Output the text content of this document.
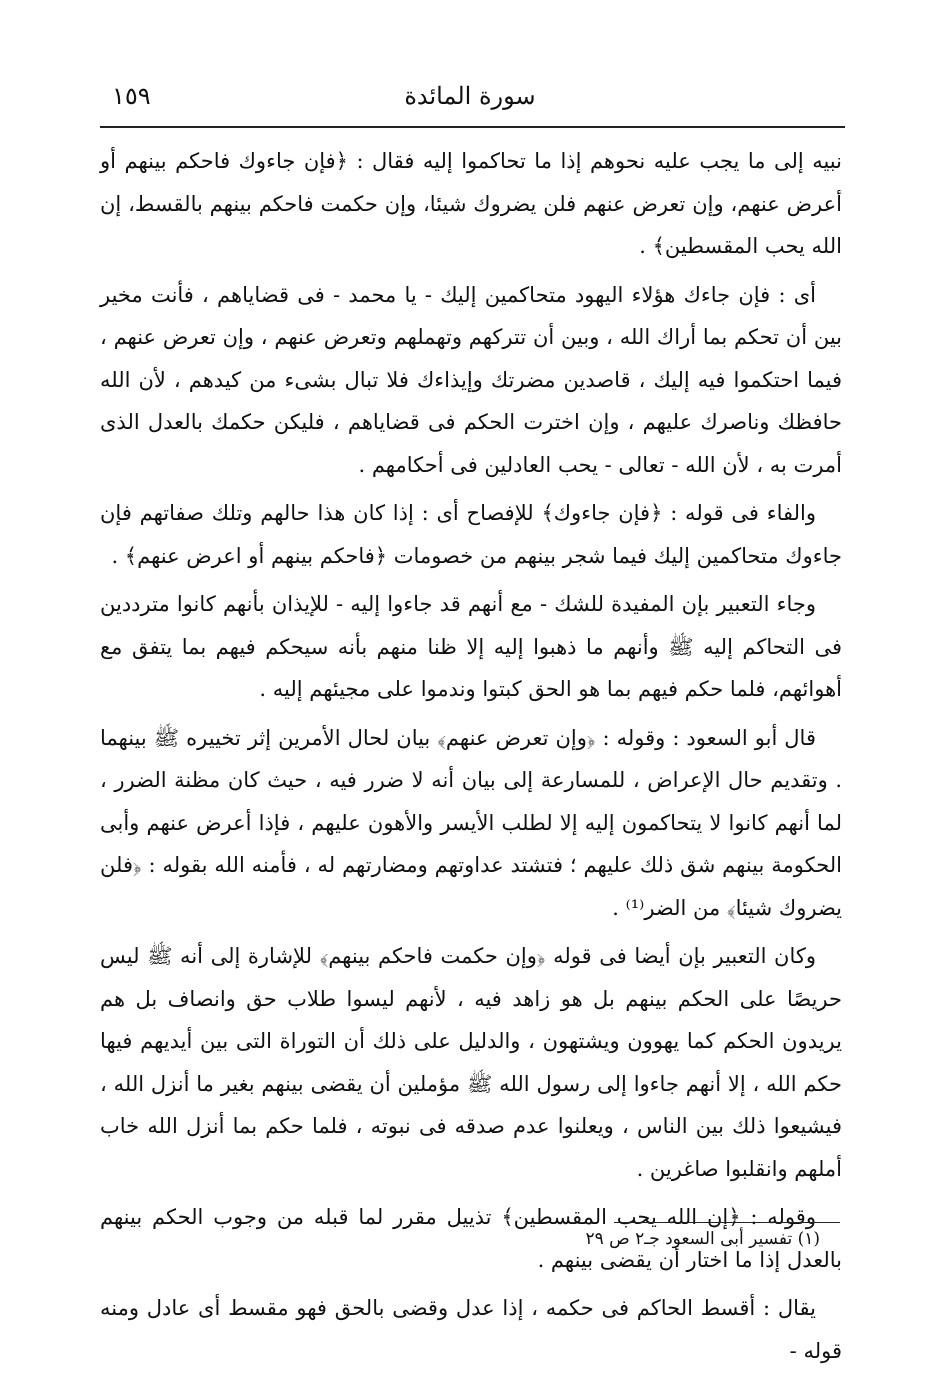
١٥٩	سورة المائدة

نبيه إلى ما يجب عليه نحوهم إذا ما تحاكموا إليه فقال : ﴿فإن جاءوك فاحكم بينهم أو أعرض عنهم، وإن تعرض عنهم فلن يضروك شيئا، وإن حكمت فاحكم بينهم بالقسط، إن الله يحب المقسطين﴾ .

أى : فإن جاءك هؤلاء اليهود متحاكمين إليك - يا محمد - فى قضاياهم ، فأنت مخير بين أن تحكم بما أراك الله ، وبين أن تتركهم وتهملهم وتعرض عنهم ، وإن تعرض عنهم ، فيما احتكموا فيه إليك ، قاصدين مضرتك وإيذاءك فلا تبال بشىء من كيدهم ، لأن الله حافظك وناصرك عليهم ، وإن اخترت الحكم فى قضاياهم ، فليكن حكمك بالعدل الذى أمرت به ، لأن الله - تعالى - يحب العادلين فى أحكامهم .

والفاء فى قوله : ﴿فإن جاءوك﴾ للإفصاح أى : إذا كان هذا حالهم وتلك صفاتهم فإن جاءوك متحاكمين إليك فيما شجر بينهم من خصومات ﴿فاحكم بينهم أو اعرض عنهم﴾ .

وجاء التعبير بإن المفيدة للشك - مع أنهم قد جاءوا إليه - للإيذان بأنهم كانوا مترددين فى التحاكم إليه ﷺ وأنهم ما ذهبوا إليه إلا ظنا منهم بأنه سيحكم فيهم بما يتفق مع أهوائهم، فلما حكم فيهم بما هو الحق كبتوا وندموا على مجيئهم إليه .

قال أبو السعود : وقوله : ﴿وإن تعرض عنهم﴾ بيان لحال الأمرين إثر تخييره ﷺ بينهما . وتقديم حال الإعراض ، للمسارعة إلى بيان أنه لا ضرر فيه ، حيث كان مظنة الضرر ، لما أنهم كانوا لا يتحاكمون إليه إلا لطلب الأيسر والأهون عليهم ، فإذا أعرض عنهم وأبى الحكومة بينهم شق ذلك عليهم ؛ فتشتد عداوتهم ومضارتهم له ، فأمنه الله بقوله : ﴿فلن يضروك شيئا﴾ من الضر⁽¹⁾ .

وكان التعبير بإن أيضا فى قوله ﴿وإن حكمت فاحكم بينهم﴾ للإشارة إلى أنه ﷺ ليس حريصًا على الحكم بينهم بل هو زاهد فيه ، لأنهم ليسوا طلاب حق وانصاف بل هم يريدون الحكم كما يهوون ويشتهون ، والدليل على ذلك أن التوراة التى بين أيديهم فيها حكم الله ، إلا أنهم جاءوا إلى رسول الله ﷺ مؤملين أن يقضى بينهم بغير ما أنزل الله ، فيشيعوا ذلك بين الناس ، ويعلنوا عدم صدقه فى نبوته ، فلما حكم بما أنزل الله خاب أملهم وانقلبوا صاغرين .

وقوله : ﴿إن الله يحب المقسطين﴾ تذييل مقرر لما قبله من وجوب الحكم بينهم بالعدل إذا ما اختار أن يقضى بينهم .

يقال : أقسط الحاكم فى حكمه ، إذا عدل وقضى بالحق فهو مقسط أى عادل ومنه قوله -

(١) تفسير أبى السعود جـ٢ ص ٢٩
